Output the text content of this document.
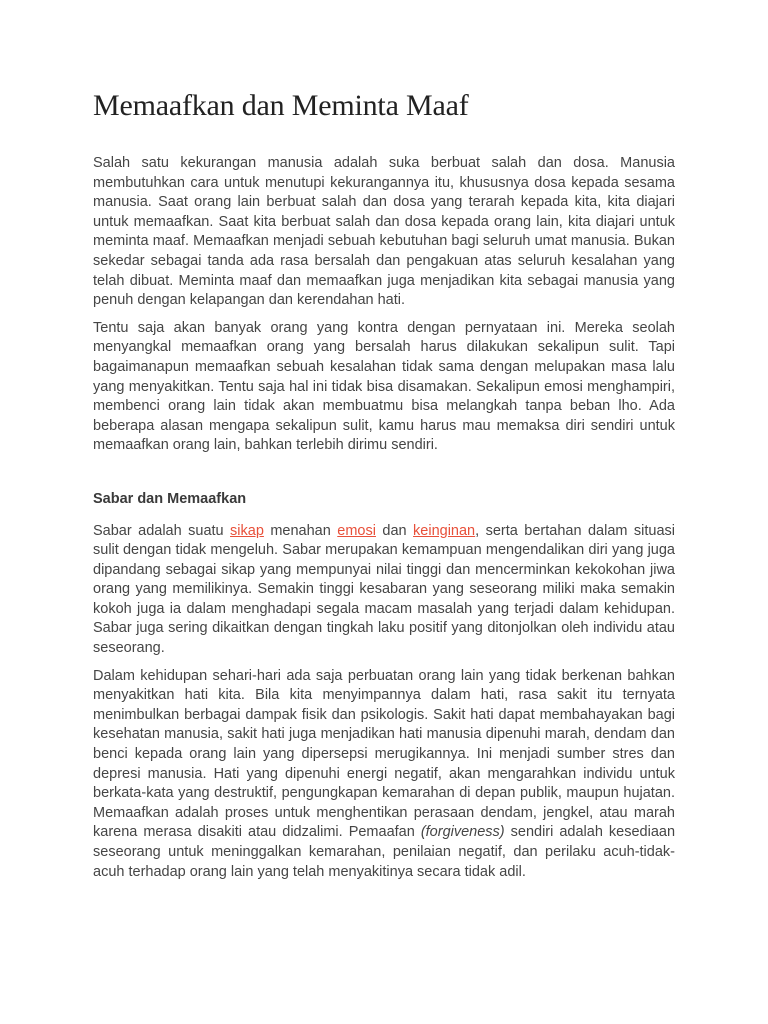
Memaafkan dan Meminta Maaf

Salah satu kekurangan manusia adalah suka berbuat salah dan dosa. Manusia membutuhkan cara untuk menutupi kekurangannya itu, khususnya dosa kepada sesama manusia. Saat orang lain berbuat salah dan dosa yang terarah kepada kita, kita diajari untuk memaafkan. Saat kita berbuat salah dan dosa kepada orang lain, kita diajari untuk meminta maaf. Memaafkan menjadi sebuah kebutuhan bagi seluruh umat manusia. Bukan sekedar sebagai tanda ada rasa bersalah dan pengakuan atas seluruh kesalahan yang telah dibuat. Meminta maaf dan memaafkan juga menjadikan kita sebagai manusia yang penuh dengan kelapangan dan kerendahan hati.

Tentu saja akan banyak orang yang kontra dengan pernyataan ini. Mereka seolah menyangkal memaafkan orang yang bersalah harus dilakukan sekalipun sulit. Tapi bagaimanapun memaafkan sebuah kesalahan tidak sama dengan melupakan masa lalu yang menyakitkan. Tentu saja hal ini tidak bisa disamakan. Sekalipun emosi menghampiri, membenci orang lain tidak akan membuatmu bisa melangkah tanpa beban lho. Ada beberapa alasan mengapa sekalipun sulit, kamu harus mau memaksa diri sendiri untuk memaafkan orang lain, bahkan terlebih dirimu sendiri.

Sabar dan Memaafkan

Sabar adalah suatu sikap menahan emosi dan keinginan, serta bertahan dalam situasi sulit dengan tidak mengeluh. Sabar merupakan kemampuan mengendalikan diri yang juga dipandang sebagai sikap yang mempunyai nilai tinggi dan mencerminkan kekokohan jiwa orang yang memilikinya. Semakin tinggi kesabaran yang seseorang miliki maka semakin kokoh juga ia dalam menghadapi segala macam masalah yang terjadi dalam kehidupan. Sabar juga sering dikaitkan dengan tingkah laku positif yang ditonjolkan oleh individu atau seseorang.

Dalam kehidupan sehari-hari ada saja perbuatan orang lain yang tidak berkenan bahkan menyakitkan hati kita. Bila kita menyimpannya dalam hati, rasa sakit itu ternyata menimbulkan berbagai dampak fisik dan psikologis. Sakit hati dapat membahayakan bagi kesehatan manusia, sakit hati juga menjadikan hati manusia dipenuhi marah, dendam dan benci kepada orang lain yang dipersepsi merugikannya. Ini menjadi sumber stres dan depresi manusia. Hati yang dipenuhi energi negatif, akan mengarahkan individu untuk berkata-kata yang destruktif, pengungkapan kemarahan di depan publik, maupun hujatan. Memaafkan adalah proses untuk menghentikan perasaan dendam, jengkel, atau marah karena merasa disakiti atau didzalimi. Pemaafan (forgiveness) sendiri adalah kesediaan seseorang untuk meninggalkan kemarahan, penilaian negatif, dan perilaku acuh-tidak-acuh terhadap orang lain yang telah menyakitinya secara tidak adil.
